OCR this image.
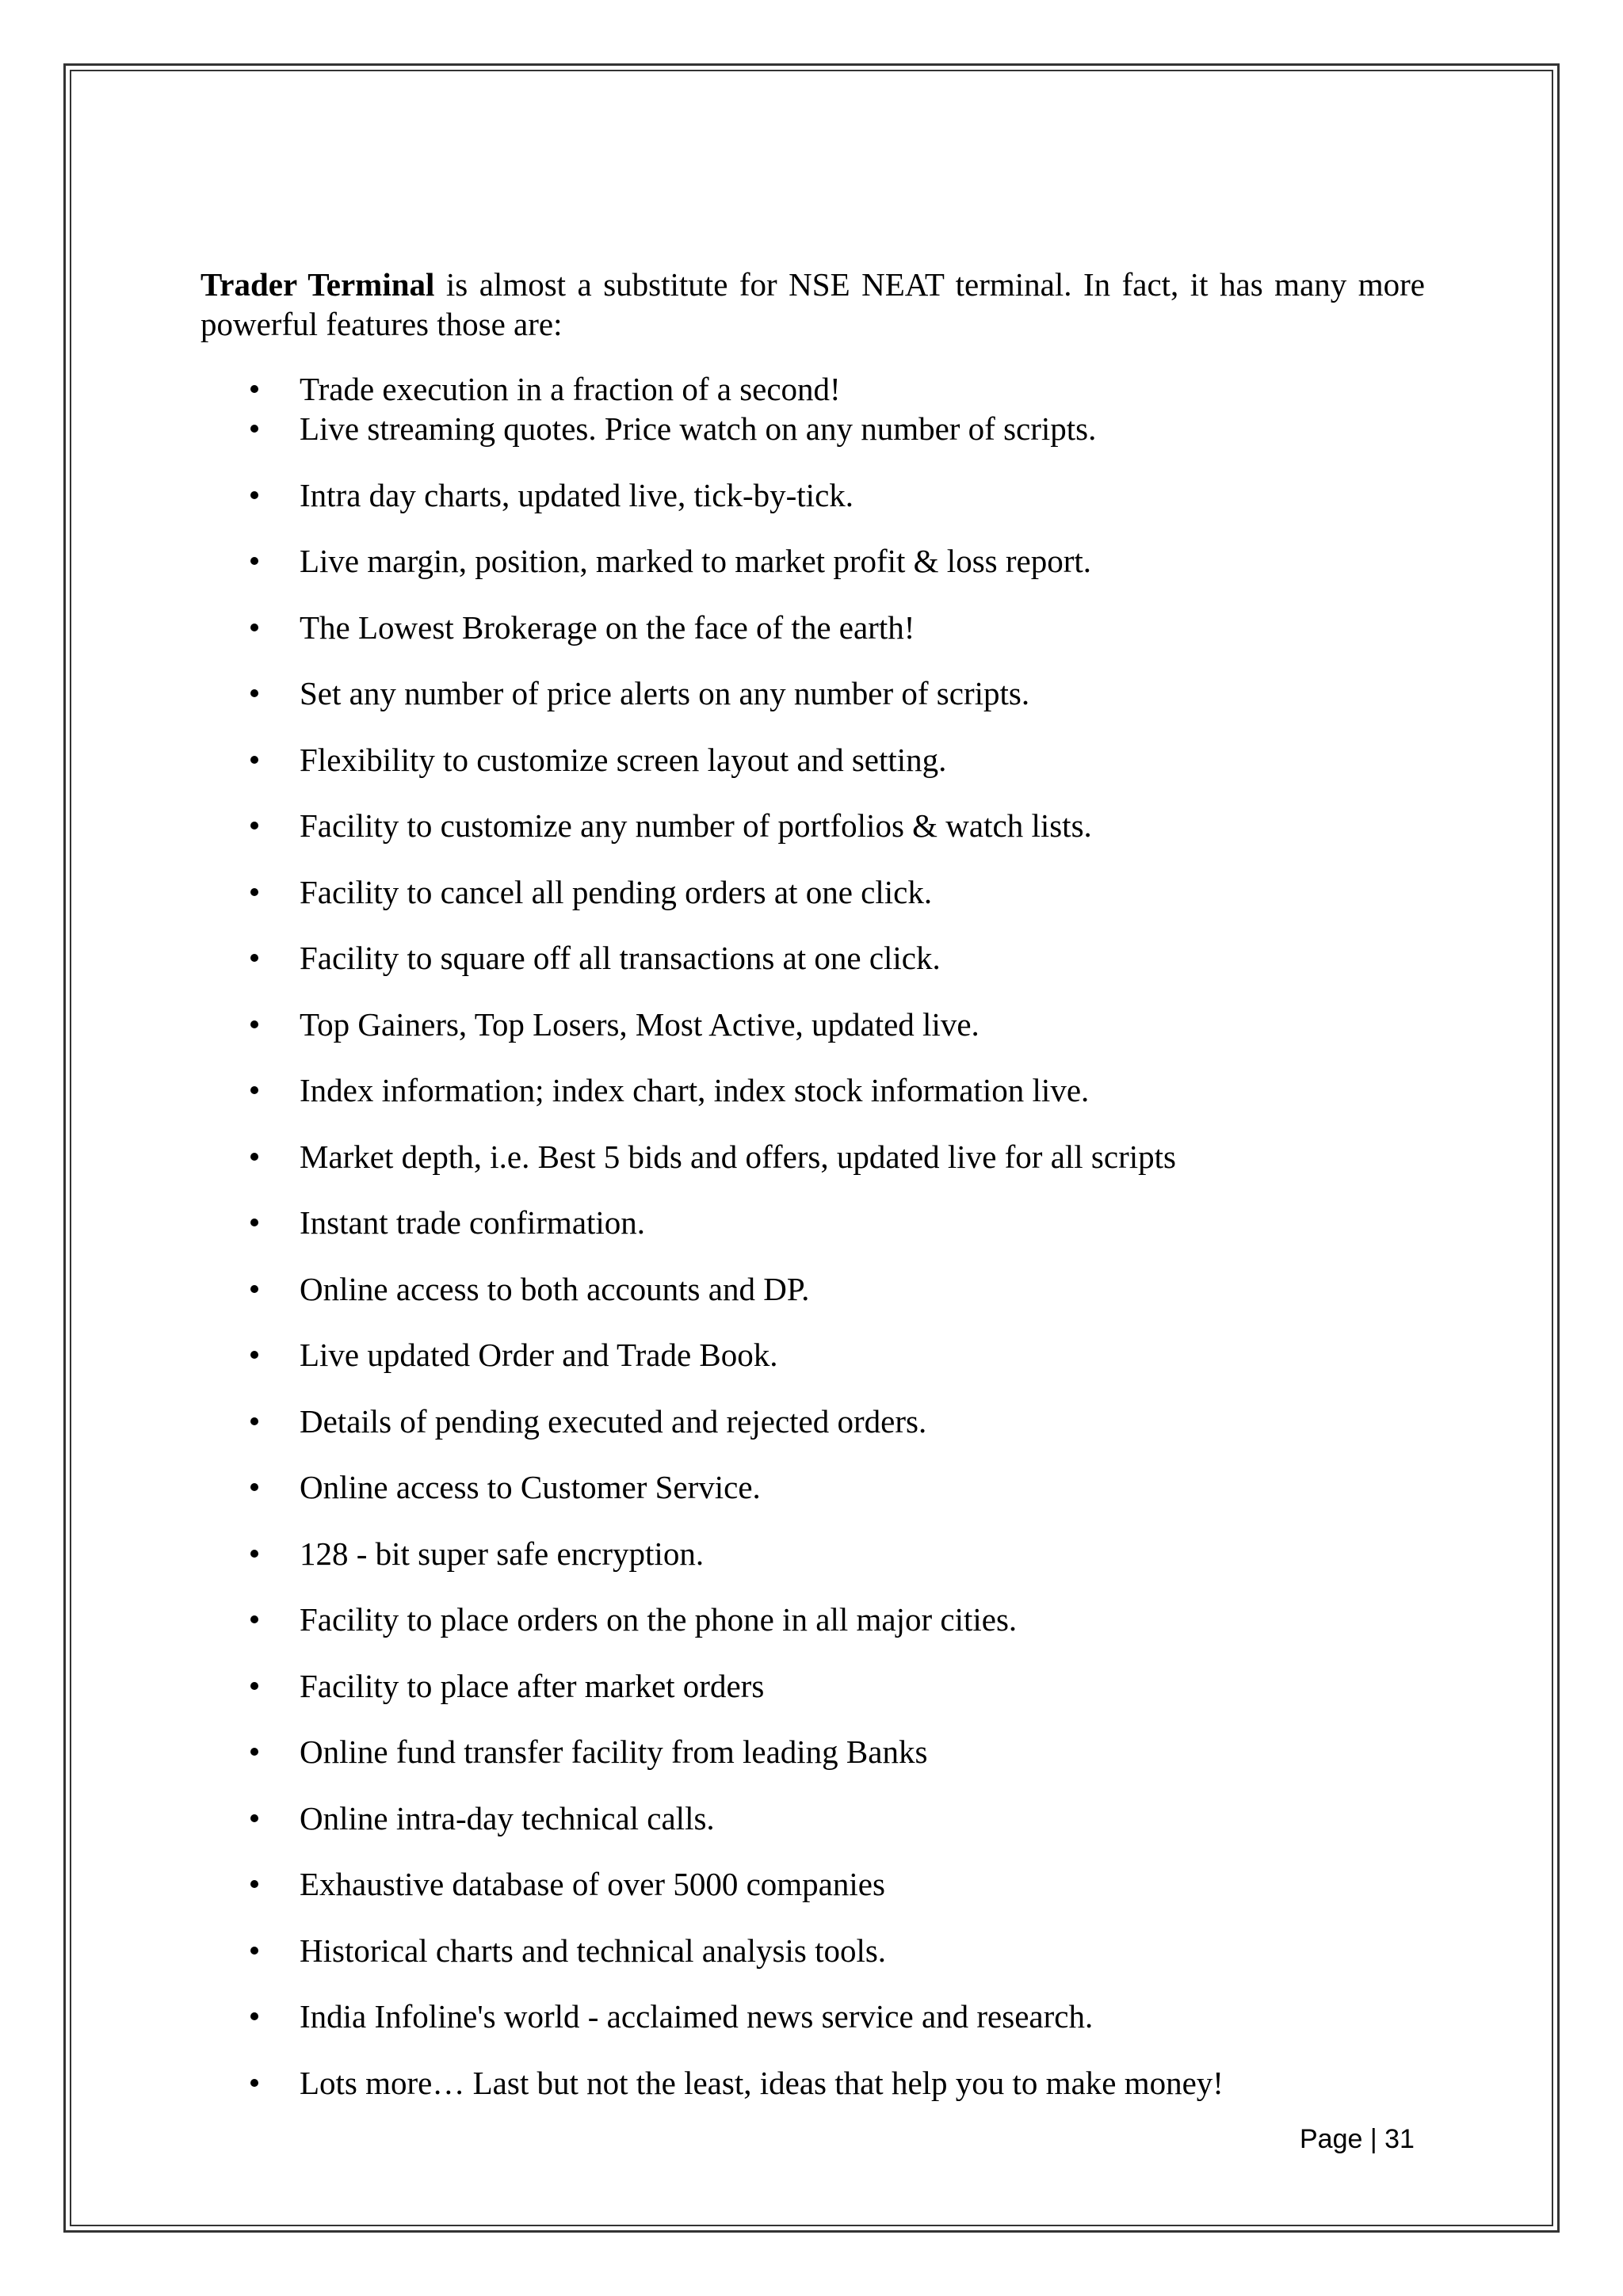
Trader Terminal is almost a substitute for NSE NEAT terminal. In fact, it has many more powerful features those are:

Trade execution in a fraction of a second!
Live streaming quotes. Price watch on any number of scripts.
Intra day charts, updated live, tick-by-tick.
Live margin, position, marked to market profit & loss report.
The Lowest Brokerage on the face of the earth!
Set any number of price alerts on any number of scripts.
Flexibility to customize screen layout and setting.
Facility to customize any number of portfolios & watch lists.
Facility to cancel all pending orders at one click.
Facility to square off all transactions at one click.
Top Gainers, Top Losers, Most Active, updated live.
Index information; index chart, index stock information live.
Market depth, i.e. Best 5 bids and offers, updated live for all scripts
Instant trade confirmation.
Online access to both accounts and DP.
Live updated Order and Trade Book.
Details of pending executed and rejected orders.
Online access to Customer Service.
128 - bit super safe encryption.
Facility to place orders on the phone in all major cities.
Facility to place after market orders
Online fund transfer facility from leading Banks
Online intra-day technical calls.
Exhaustive database of over 5000 companies
Historical charts and technical analysis tools.
India Infoline's world - acclaimed news service and research.
Lots more… Last but not the least, ideas that help you to make money!
Page | 31
